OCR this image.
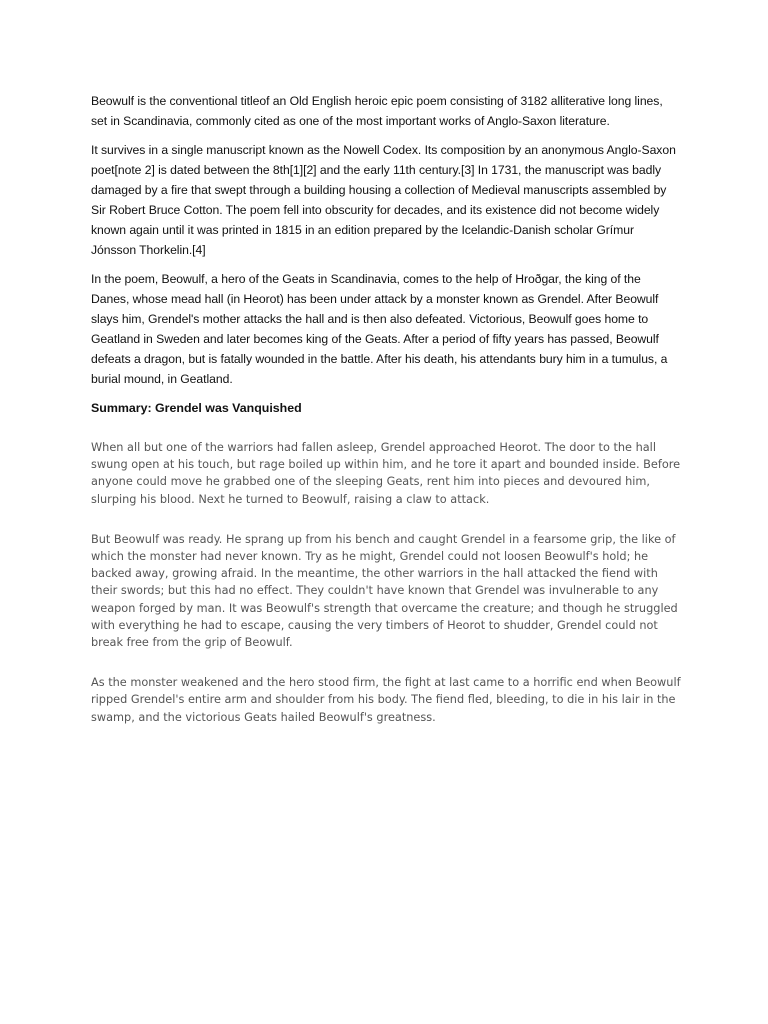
Beowulf is the conventional titleof an Old English heroic epic poem consisting of 3182 alliterative long lines, set in Scandinavia, commonly cited as one of the most important works of Anglo-Saxon literature.

It survives in a single manuscript known as the Nowell Codex. Its composition by an anonymous Anglo-Saxon poet[note 2] is dated between the 8th[1][2] and the early 11th century.[3] In 1731, the manuscript was badly damaged by a fire that swept through a building housing a collection of Medieval manuscripts assembled by Sir Robert Bruce Cotton. The poem fell into obscurity for decades, and its existence did not become widely known again until it was printed in 1815 in an edition prepared by the Icelandic-Danish scholar Grímur Jónsson Thorkelin.[4]

In the poem, Beowulf, a hero of the Geats in Scandinavia, comes to the help of Hroðgar, the king of the Danes, whose mead hall (in Heorot) has been under attack by a monster known as Grendel. After Beowulf slays him, Grendel's mother attacks the hall and is then also defeated. Victorious, Beowulf goes home to Geatland in Sweden and later becomes king of the Geats. After a period of fifty years has passed, Beowulf defeats a dragon, but is fatally wounded in the battle. After his death, his attendants bury him in a tumulus, a burial mound, in Geatland.

Summary: Grendel was Vanquished

When all but one of the warriors had fallen asleep, Grendel approached Heorot. The door to the hall swung open at his touch, but rage boiled up within him, and he tore it apart and bounded inside. Before anyone could move he grabbed one of the sleeping Geats, rent him into pieces and devoured him, slurping his blood. Next he turned to Beowulf, raising a claw to attack.

But Beowulf was ready. He sprang up from his bench and caught Grendel in a fearsome grip, the like of which the monster had never known. Try as he might, Grendel could not loosen Beowulf's hold; he backed away, growing afraid. In the meantime, the other warriors in the hall attacked the fiend with their swords; but this had no effect. They couldn't have known that Grendel was invulnerable to any weapon forged by man. It was Beowulf's strength that overcame the creature; and though he struggled with everything he had to escape, causing the very timbers of Heorot to shudder, Grendel could not break free from the grip of Beowulf.

As the monster weakened and the hero stood firm, the fight at last came to a horrific end when Beowulf ripped Grendel's entire arm and shoulder from his body. The fiend fled, bleeding, to die in his lair in the swamp, and the victorious Geats hailed Beowulf's greatness.
